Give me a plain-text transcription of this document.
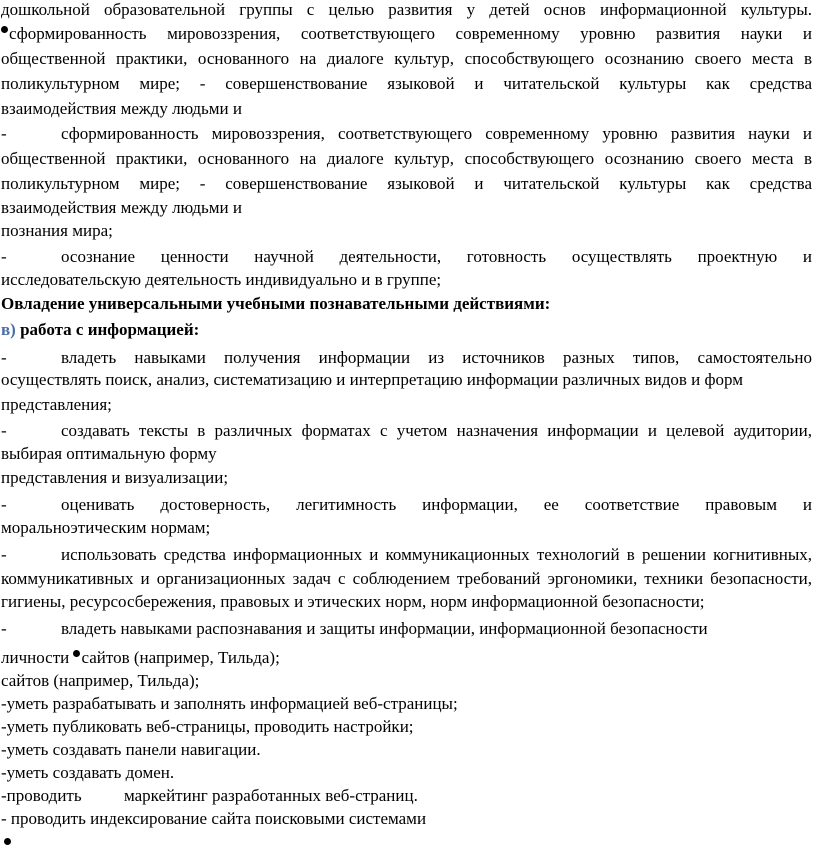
дошкольной образовательной группы с целью развития у детей основ информационной культуры.
сформированность мировоззрения, соответствующего современному уровню развития науки и
общественной практики, основанного на диалоге культур, способствующего осознанию своего места в
поликультурном мире; - совершенствование языковой и читательской культуры как средства
взаимодействия между людьми и
-	сформированность мировоззрения, соответствующего современному уровню развития науки и
общественной практики, основанного на диалоге культур, способствующего осознанию своего места в
поликультурном мире; - совершенствование языковой и читательской культуры как средства
взаимодействия между людьми и
познания мира;
-	осознание ценности научной деятельности, готовность осуществлять проектную и
исследовательскую деятельность индивидуально и в группе;
Овладение универсальными учебными познавательными действиями:
в) работа с информацией:
-	владеть навыками получения информации из источников разных типов, самостоятельно
осуществлять поиск, анализ, систематизацию и интерпретацию информации различных видов и форм
представления;
-	создавать тексты в различных форматах с учетом назначения информации и целевой аудитории,
выбирая оптимальную форму
представления и визуализации;
-	оценивать достоверность, легитимность информации, ее соответствие правовым и
моральноэтическим нормам;
-	использовать средства информационных и коммуникационных технологий в решении когнитивных,
коммуникативных и организационных задач с соблюдением требований эргономики, техники безопасности,
гигиены, ресурсосбережения, правовых и этических норм, норм информационной безопасности;
-	владеть навыками распознавания и защиты информации, информационной безопасности
личности сайтов (например, Тильда);
сайтов (например, Тильда);
-уметь разрабатывать и заполнять информацией веб-страницы;
-уметь публиковать веб-страницы, проводить настройки;
-уметь создавать панели навигации.
-уметь создавать домен.
-проводить маркейтинг разработанных веб-страниц.
- проводить индексирование сайта поисковыми системами
